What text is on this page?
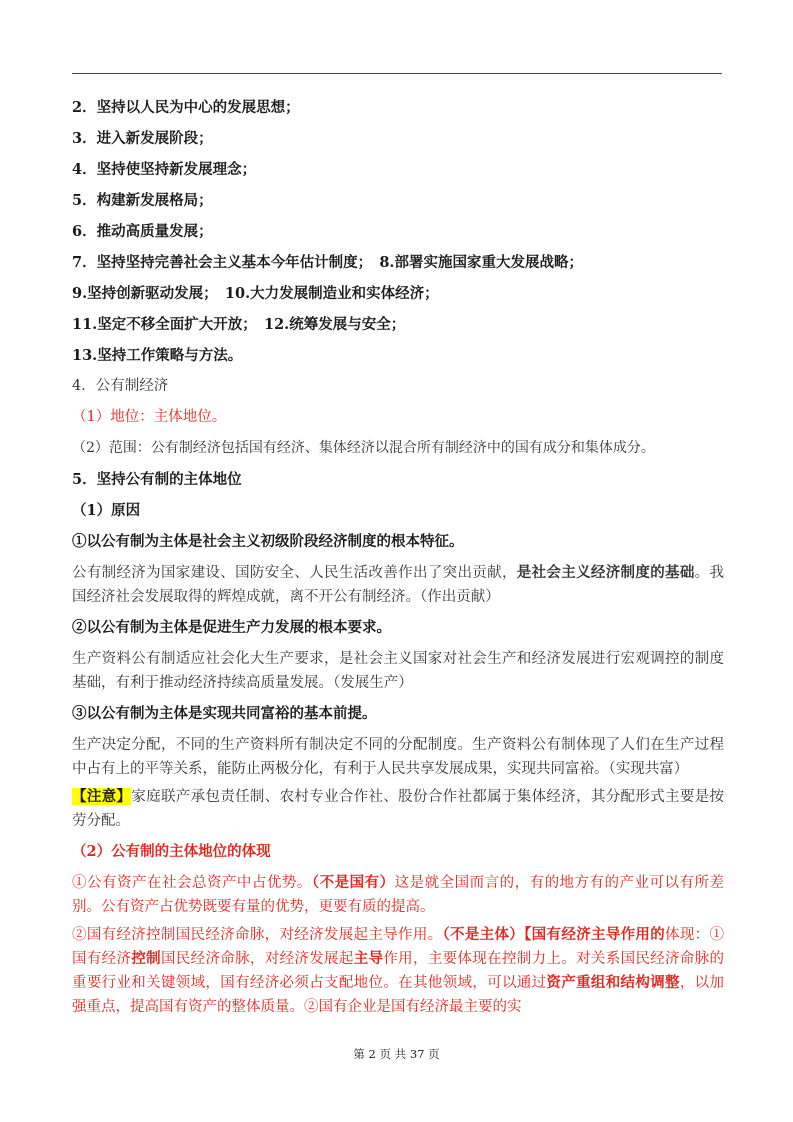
2．坚持以人民为中心的发展思想；
3．进入新发展阶段；
4．坚持使坚持新发展理念；
5．构建新发展格局；
6．推动高质量发展；
7．坚持坚持完善社会主义基本今年估计制度；　8.部署实施国家重大发展战略；
9.坚持创新驱动发展；　10.大力发展制造业和实体经济；
11.坚定不移全面扩大开放；　12.统筹发展与安全；
13.坚持工作策略与方法。
4．公有制经济
（1）地位：主体地位。
（2）范围：公有制经济包括国有经济、集体经济以混合所有制经济中的国有成分和集体成分。
5．坚持公有制的主体地位
（1）原因
①以公有制为主体是社会主义初级阶段经济制度的根本特征。
公有制经济为国家建设、国防安全、人民生活改善作出了突出贡献，是社会主义经济制度的基础。我国经济社会发展取得的辉煌成就，离不开公有制经济。（作出贡献）
②以公有制为主体是促进生产力发展的根本要求。
生产资料公有制适应社会化大生产要求，是社会主义国家对社会生产和经济发展进行宏观调控的制度基础，有利于推动经济持续高质量发展。（发展生产）
③以公有制为主体是实现共同富裕的基本前提。
生产决定分配，不同的生产资料所有制决定不同的分配制度。生产资料公有制体现了人们在生产过程中占有上的平等关系，能防止两极分化，有利于人民共享发展成果，实现共同富裕。（实现共富）
【注意】家庭联产承包责任制、农村专业合作社、股份合作社都属于集体经济，其分配形式主要是按劳分配。
（2）公有制的主体地位的体现
①公有资产在社会总资产中占优势。（不是国有）这是就全国而言的，有的地方有的产业可以有所差别。公有资产占优势既要有量的优势，更要有质的提高。
②国有经济控制国民经济命脉，对经济发展起主导作用。（不是主体）【国有经济主导作用的体现：①国有经济控制国民经济命脉，对经济发展起主导作用，主要体现在控制力上。对关系国民经济命脉的重要行业和关键领域，国有经济必须占支配地位。在其他领域，可以通过资产重组和结构调整，以加强重点，提高国有资产的整体质量。②国有企业是国有经济最主要的实
第 2 页 共 37 页
